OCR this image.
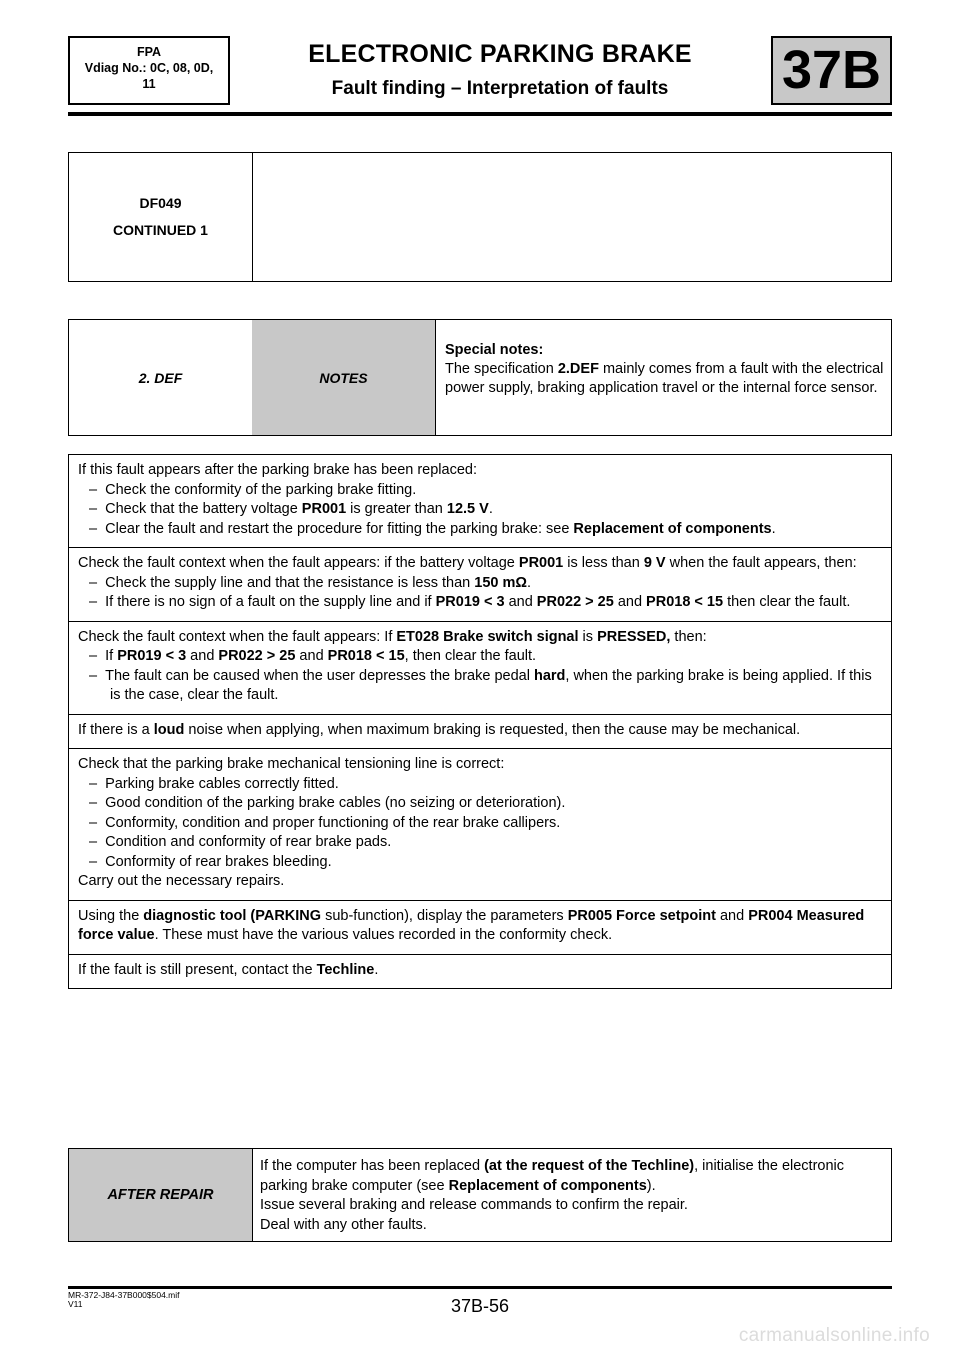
FPA
Vdiag No.: 0C, 08, 0D,
11
ELECTRONIC PARKING BRAKE
Fault finding – Interpretation of faults	37B
DF049
CONTINUED 1
2. DEF	NOTES
Special notes:
The specification 2.DEF mainly comes from a fault with the electrical power supply, braking application travel or the internal force sensor.
If this fault appears after the parking brake has been replaced:
–  Check the conformity of the parking brake fitting.
–  Check that the battery voltage PR001 is greater than 12.5 V.
–  Clear the fault and restart the procedure for fitting the parking brake: see Replacement of components.
Check the fault context when the fault appears: if the battery voltage PR001 is less than 9 V when the fault appears, then:
–  Check the supply line and that the resistance is less than 150 mΩ.
–  If there is no sign of a fault on the supply line and if PR019 < 3 and PR022 > 25 and PR018 < 15 then clear the fault.
Check the fault context when the fault appears: If ET028 Brake switch signal is PRESSED, then:
–  If PR019 < 3 and PR022 > 25 and PR018 < 15, then clear the fault.
–  The fault can be caused when the user depresses the brake pedal hard, when the parking brake is being applied. If this is the case, clear the fault.
If there is a loud noise when applying, when maximum braking is requested, then the cause may be mechanical.
Check that the parking brake mechanical tensioning line is correct:
–  Parking brake cables correctly fitted.
–  Good condition of the parking brake cables (no seizing or deterioration).
–  Conformity, condition and proper functioning of the rear brake callipers.
–  Condition and conformity of rear brake pads.
–  Conformity of rear brakes bleeding.
Carry out the necessary repairs.
Using the diagnostic tool (PARKING sub-function), display the parameters PR005 Force setpoint and PR004 Measured force value. These must have the various values recorded in the conformity check.
If the fault is still present, contact the Techline.
AFTER REPAIR
If the computer has been replaced (at the request of the Techline), initialise the electronic parking brake computer (see Replacement of components).
Issue several braking and release commands to confirm the repair.
Deal with any other faults.
MR-372-J84-37B000$504.mif
V11	37B-56
carmanualsonline.info
